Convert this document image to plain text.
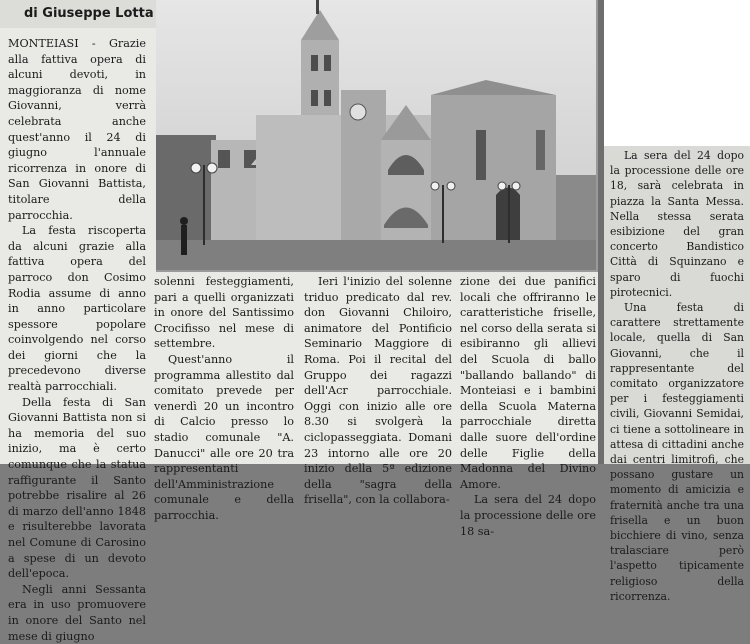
di Giuseppe Lotta

MONTEIASI - Grazie alla fattiva opera di alcuni devoti, in maggioranza di nome Giovanni, verrà celebrata anche quest'anno il 24 di giugno l'annuale ricorrenza in onore di San Giovanni Battista, titolare della parrocchia.

La festa riscoperta da alcuni grazie alla fattiva opera del parroco don Cosimo Rodia assume di anno in anno particolare spessore popolare coinvolgendo nel corso dei giorni che la precedevono diverse realtà parrocchiali.

Della festa di San Giovanni Battista non si ha memoria del suo inizio, ma è certo comunque che la statua raffigurante il Santo potrebbe risalire al 26 di marzo dell'anno 1848 e risulterebbe lavorata nel Comune di Carosino a spese di un devoto dell'epoca.

Negli anni Sessanta era in uso promuovere in onore del Santo nel mese di giugno

solenni festeggiamenti, pari a quelli organizzati in onore del Santissimo Crocifisso nel mese di settembre.

Quest'anno il programma allestito dal comitato prevede per venerdì 20 un incontro di Calcio presso lo stadio comunale "A. Danucci" alle ore 20 tra rappresentanti dell'Amministrazione comunale e della parrocchia.

Ieri l'inizio del solenne triduo predicato dal rev. don Giovanni Chiloiro, animatore del Pontificio Seminario Maggiore di Roma. Poi il recital del Gruppo dei ragazzi dell'Acr parrocchiale. Oggi con inizio alle ore 8.30 si svolgerà la ciclopasseggiata. Domani 23 intorno alle ore 20 inizio della 5ª edizione della "sagra della frisella", con la collabora-

zione dei due panifici locali che offriranno le caratteristiche friselle, nel corso della serata si esibiranno gli allievi del Scuola di ballo "ballando ballando" di Monteiasi e i bambini della Scuola Materna parrocchiale diretta dalle suore dell'ordine delle Figlie della Madonna del Divino Amore.

La sera del 24 dopo la processione delle ore 18 sa-

La sera del 24 dopo la processione delle ore 18, sarà celebrata in piazza la Santa Messa. Nella stessa serata esibizione del gran concerto Bandistico Città di Squinzano e sparo di fuochi pirotecnici.

Una festa di carattere strettamente locale, quella di San Giovanni, che il rappresentante del comitato organizzatore per i festeggiamenti civili, Giovanni Semidai, ci tiene a sottolineare in attesa di cittadini anche dai centri limitrofi, che possano gustare un momento di amicizia e fraternità anche tra una frisella e un buon bicchiere di vino, senza tralasciare però l'aspetto tipicamente religioso della ricorrenza.
